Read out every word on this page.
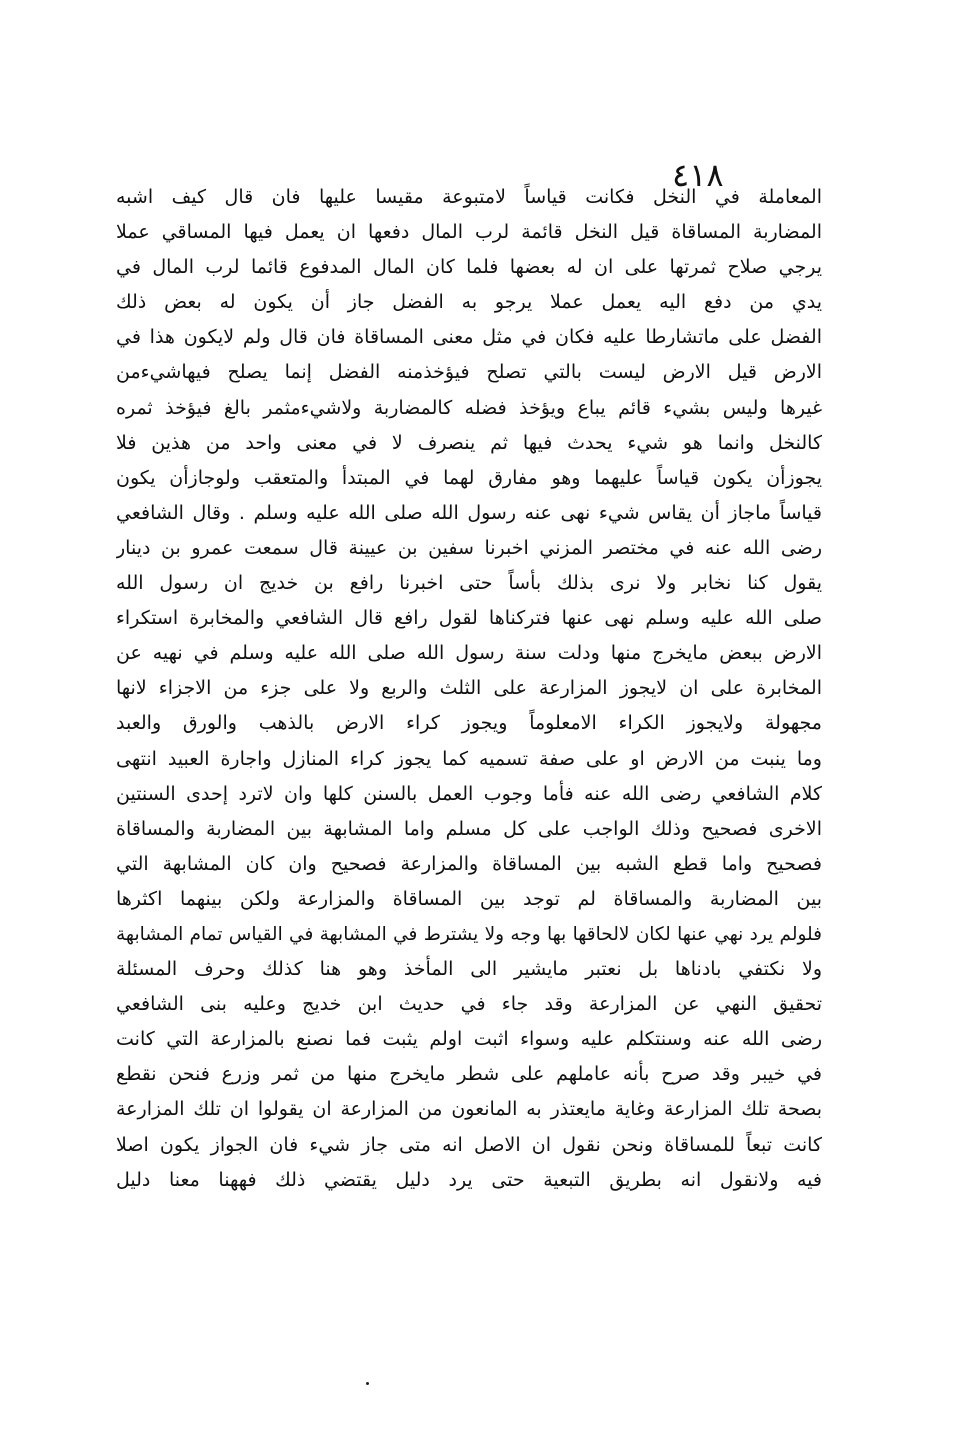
٤١٨
المعاملة في النخل فكانت قياساً لامتبوعة مقيسا عليها فان قال كيف اشبه
المضاربة المساقاة قيل النخل قائمة لرب المال دفعها ان يعمل فيها المساقي عملا
يرجي صلاح ثمرتها على ان له بعضها فلما كان المال المدفوع قائما لرب المال في
يدي من دفع اليه يعمل عملا يرجو به الفضل جاز أن يكون له بعض ذلك
الفضل على ماتشارطا عليه فكان في مثل معنى المساقاة فان قال ولم لايكون هذا في
الارض قيل الارض ليست بالتي تصلح فيؤخذمنه الفضل إنما يصلح فيهاشيءمن
غيرها وليس بشيء قائم يباع ويؤخذ فضله كالمضاربة ولاشيءمثمر بالغ فيؤخذ ثمره
كالنخل وانما هو شيء يحدث فيها ثم ينصرف لا في معنى واحد من هذين فلا
يجوزأن يكون قياساً عليهما وهو مفارق لهما في المبتدأ والمتعقب ولوجازأن يكون
قياساً ماجاز أن يقاس شيء نهى عنه رسول الله صلى الله عليه وسلم . وقال الشافعي
رضى الله عنه في مختصر المزني اخبرنا سفين بن عيينة قال سمعت عمرو بن دينار
يقول كنا نخابر ولا نرى بذلك بأساً حتى اخبرنا رافع بن خديج ان رسول الله
صلى الله عليه وسلم نهى عنها فتركناها لقول رافع قال الشافعي والمخابرة استكراء
الارض ببعض مايخرج منها ودلت سنة رسول الله صلى الله عليه وسلم في نهيه عن
المخابرة على ان لايجوز المزارعة على الثلث والربع ولا على جزء من الاجزاء لانها
مجهولة ولايجوز الكراء الامعلوماً ويجوز كراء الارض بالذهب والورق والعبد
وما ينبت من الارض او على صفة تسميه كما يجوز كراء المنازل واجارة العبيد انتهى
كلام الشافعي رضى الله عنه فأما وجوب العمل بالسنن كلها وان لاترد إحدى السنتين
الاخرى فصحيح وذلك الواجب على كل مسلم واما المشابهة بين المضاربة والمساقاة
فصحيح واما قطع الشبه بين المساقاة والمزارعة فصحيح وان كان المشابهة التي
بين المضاربة والمساقاة لم توجد بين المساقاة والمزارعة ولكن بينهما اكثرها
فلولم يرد نهي عنها لكان لالحاقها بها وجه ولا يشترط في المشابهة في القياس تمام المشابهة
ولا نكتفي بادناها بل نعتبر مايشير الى المأخذ وهو هنا كذلك وحرف المسئلة
تحقيق النهي عن المزارعة وقد جاء في حديث ابن خديج وعليه بنى الشافعي
رضى الله عنه وسنتكلم عليه وسواء اثبت اولم يثبت فما نصنع بالمزارعة التي كانت
في خيبر وقد صرح بأنه عاملهم على شطر مايخرج منها من ثمر وزرع فنحن نقطع
بصحة تلك المزارعة وغاية مايعتذر به المانعون من المزارعة ان يقولوا ان تلك المزارعة
كانت تبعاً للمساقاة ونحن نقول ان الاصل انه متى جاز شيء فان الجواز يكون اصلا
فيه ولانقول انه بطريق التبعية حتى يرد دليل يقتضي ذلك فههنا معنا دليل
